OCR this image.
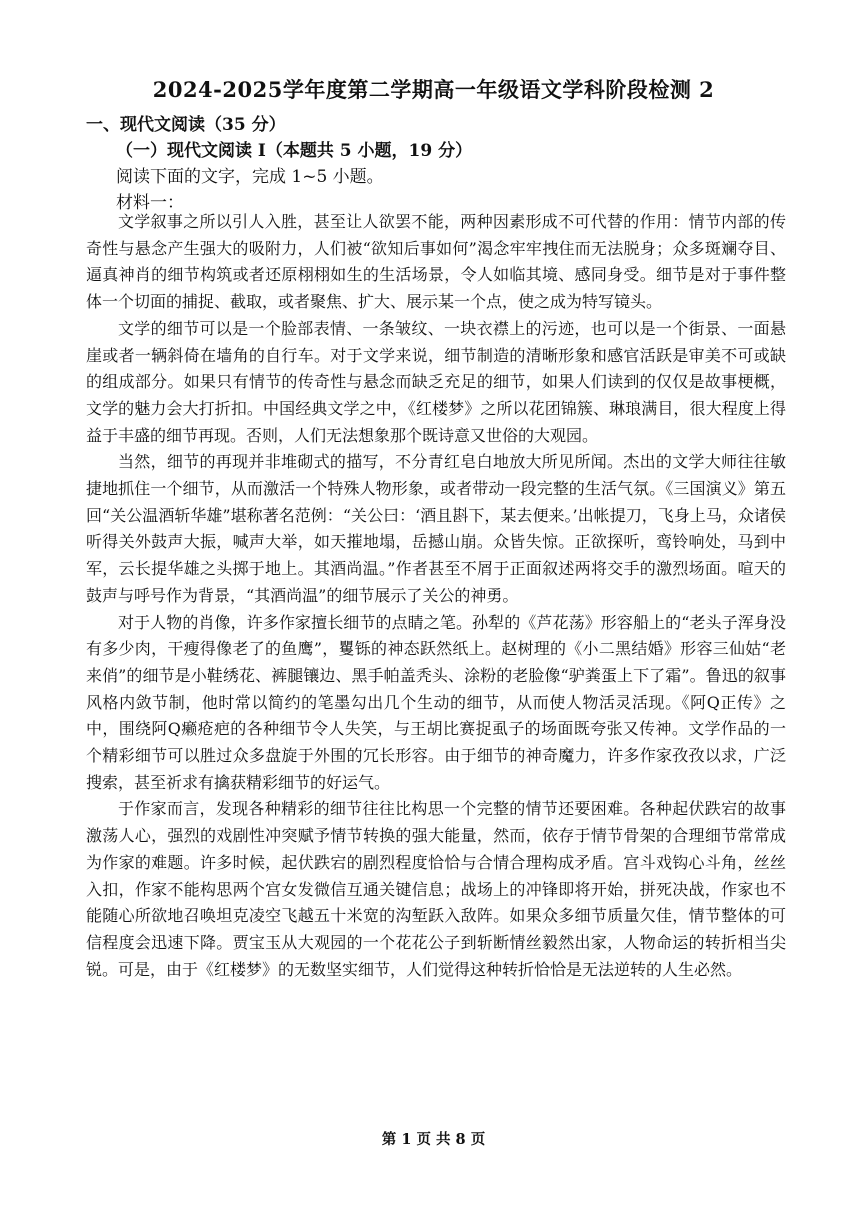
2024-2025学年度第二学期高一年级语文学科阶段检测 2
一、现代文阅读（35 分）
（一）现代文阅读 I（本题共 5 小题，19 分）
阅读下面的文字，完成 1~5 小题。
材料一：

文学叙事之所以引人入胜，甚至让人欲罢不能，两种因素形成不可代替的作用：情节内部的传奇性与悬念产生强大的吸附力，人们被“欲知后事如何”渴念牢牢拽住而无法脱身；众多斑斓夺目、逼真神肖的细节构筑或者还原栩栩如生的生活场景，令人如临其境、感同身受。细节是对于事件整体一个切面的捕捉、截取，或者聚焦、扩大、展示某一个点，使之成为特写镜头。

文学的细节可以是一个脸部表情、一条皱纹、一块衣襟上的污迹，也可以是一个街景、一面悬崖或者一辆斜倚在墙角的自行车。对于文学来说，细节制造的清晰形象和感官活跃是审美不可或缺的组成部分。如果只有情节的传奇性与悬念而缺乏充足的细节，如果人们读到的仅仅是故事梗概，文学的魅力会大打折扣。中国经典文学之中，《红楼梦》之所以花团锦簇、琳琅满目，很大程度上得益于丰盛的细节再现。否则，人们无法想象那个既诗意又世俗的大观园。

当然，细节的再现并非堆砌式的描写，不分青红皂白地放大所见所闻。杰出的文学大师往往敏捷地抓住一个细节，从而激活一个特殊人物形象，或者带动一段完整的生活气氛。《三国演义》第五回“关公温酒斩华雄”堪称著名范例：“关公曰：‘酒且斟下，某去便来。’出帐提刀，飞身上马，众诸侯听得关外鼓声大振，喊声大举，如天摧地塌，岳撼山崩。众皆失惊。正欲探听，鸾铃响处，马到中军，云长提华雄之头掷于地上。其酒尚温。”作者甚至不屑于正面叙述两将交手的激烈场面。喧天的鼓声与呼号作为背景，“其酒尚温”的细节展示了关公的神勇。

对于人物的肖像，许多作家擅长细节的点睛之笔。孙犁的《芦花荡》形容船上的“老头子浑身没有多少肉，干瘦得像老了的鱼鹰”，矍铄的神态跃然纸上。赵树理的《小二黑结婚》形容三仙姑“老来俏”的细节是小鞋绣花、裤腿镶边、黑手帕盖秃头、涂粉的老脸像“驴粪蛋上下了霜”。鲁迅的叙事风格内敛节制，他时常以简约的笔墨勾出几个生动的细节，从而使人物活灵活现。《阿Q正传》之中，围绕阿Q癞疮疤的各种细节令人失笑，与王胡比赛捉虱子的场面既夸张又传神。文学作品的一个精彩细节可以胜过众多盘旋于外围的冗长形容。由于细节的神奇魔力，许多作家孜孜以求，广泛搜索，甚至祈求有擒获精彩细节的好运气。

于作家而言，发现各种精彩的细节往往比构思一个完整的情节还要困难。各种起伏跌宕的故事激荡人心，强烈的戏剧性冲突赋予情节转换的强大能量，然而，依存于情节骨架的合理细节常常成为作家的难题。许多时候，起伏跌宕的剧烈程度恰恰与合情合理构成矛盾。宫斗戏钩心斗角，丝丝入扣，作家不能构思两个宫女发微信互通关键信息；战场上的冲锋即将开始，拼死决战，作家也不能随心所欲地召唤坦克凌空飞越五十米宽的沟堑跃入敌阵。如果众多细节质量欠佳，情节整体的可信程度会迅速下降。贾宝玉从大观园的一个花花公子到斩断情丝毅然出家，人物命运的转折相当尖锐。可是，由于《红楼梦》的无数坚实细节，人们觉得这种转折恰恰是无法逆转的人生必然。

第 1 页 共 8 页
